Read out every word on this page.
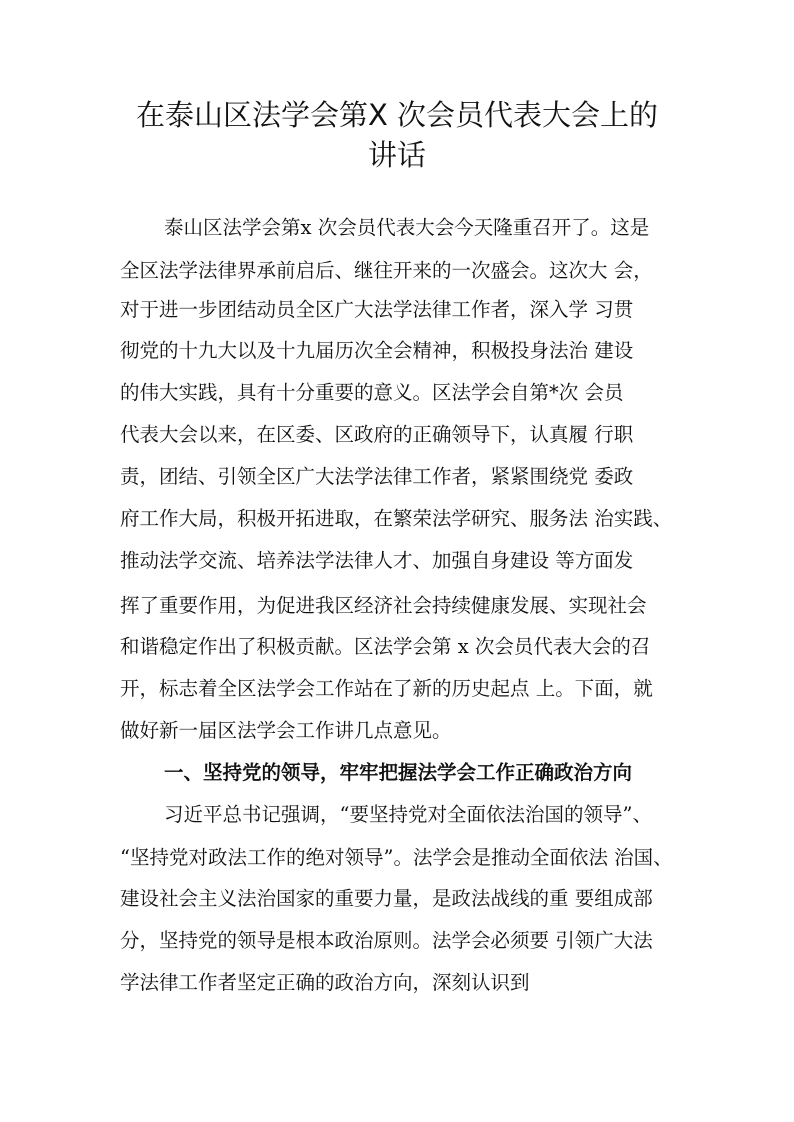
在泰山区法学会第X 次会员代表大会上的
讲话

泰山区法学会第x 次会员代表大会今天隆重召开了。这是

全区法学法律界承前启后、继往开来的一次盛会。这次大 会，

对于进一步团结动员全区广大法学法律工作者，深入学 习贯

彻党的十九大以及十九届历次全会精神，积极投身法治 建设

的伟大实践，具有十分重要的意义。区法学会自第*次 会员

代表大会以来，在区委、区政府的正确领导下，认真履 行职

责，团结、引领全区广大法学法律工作者，紧紧围绕党 委政

府工作大局，积极开拓进取，在繁荣法学研究、服务法 治实践、

推动法学交流、培养法学法律人才、加强自身建设 等方面发

挥了重要作用，为促进我区经济社会持续健康发展、实现社会

和谐稳定作出了积极贡献。区法学会第 x 次会员代表大会的召

开，标志着全区法学会工作站在了新的历史起点 上。下面，就

做好新一届区法学会工作讲几点意见。

一、坚持党的领导，牢牢把握法学会工作正确政治方向

习近平总书记强调，“要坚持党对全面依法治国的领导”、

“坚持党对政法工作的绝对领导”。法学会是推动全面依法 治国、

建设社会主义法治国家的重要力量，是政法战线的重 要组成部

分，坚持党的领导是根本政治原则。法学会必须要 引领广大法

学法律工作者坚定正确的政治方向，深刻认识到
